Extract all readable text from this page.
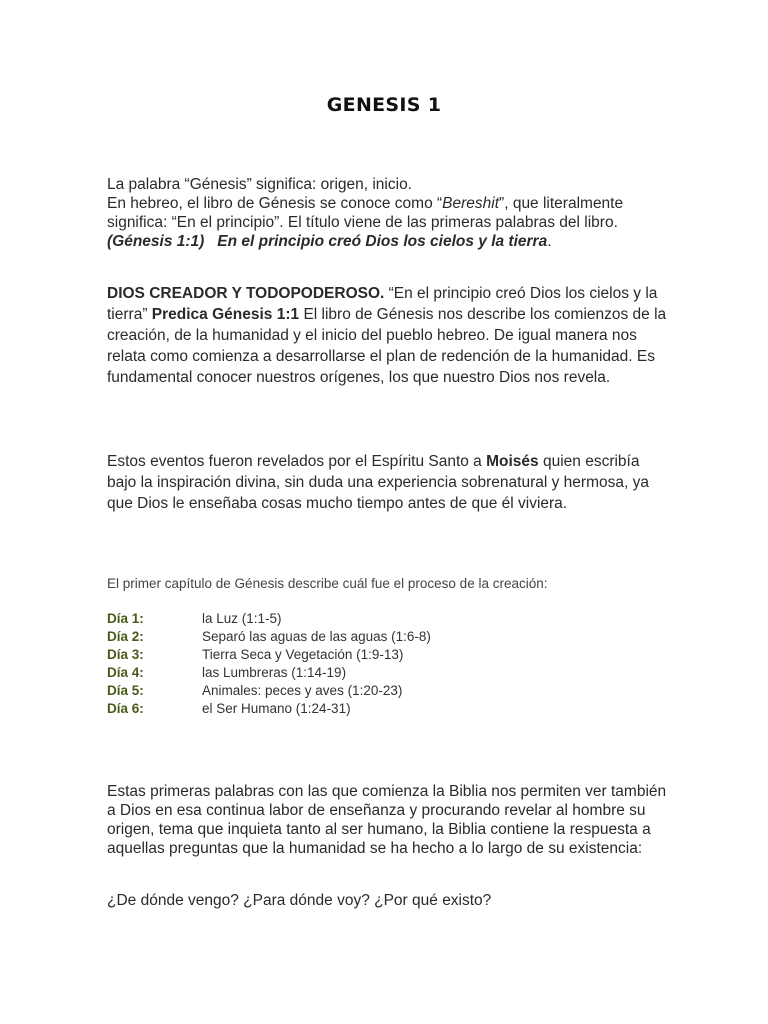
GENESIS 1
La palabra “Génesis” significa: origen, inicio.
En hebreo, el libro de Génesis se conoce como “Bereshit”, que literalmente
significa: “En el principio”. El título viene de las primeras palabras del libro.
(Génesis 1:1) En el principio creó Dios los cielos y la tierra.
DIOS CREADOR Y TODOPODEROSO. “En el principio creó Dios los cielos y la tierra” Predica Génesis 1:1 El libro de Génesis nos describe los comienzos de la creación, de la humanidad y el inicio del pueblo hebreo. De igual manera nos relata como comienza a desarrollarse el plan de redención de la humanidad. Es fundamental conocer nuestros orígenes, los que nuestro Dios nos revela.
Estos eventos fueron revelados por el Espíritu Santo a Moisés quien escribía bajo la inspiración divina, sin duda una experiencia sobrenatural y hermosa, ya que Dios le enseñaba cosas mucho tiempo antes de que él viviera.
El primer capítulo de Génesis describe cuál fue el proceso de la creación:
Día 1:	la Luz (1:1-5)
Día 2:	Separó las aguas de las aguas (1:6-8)
Día 3:	Tierra Seca y Vegetación (1:9-13)
Día 4:	las Lumbreras (1:14-19)
Día 5:	Animales: peces y aves (1:20-23)
Día 6:	el Ser Humano (1:24-31)
Estas primeras palabras con las que comienza la Biblia nos permiten ver también a Dios en esa continua labor de enseñanza y procurando revelar al hombre su origen, tema que inquieta tanto al ser humano, la Biblia contiene la respuesta a aquellas preguntas que la humanidad se ha hecho a lo largo de su existencia:
¿De dónde vengo? ¿Para dónde voy? ¿Por qué existo?
